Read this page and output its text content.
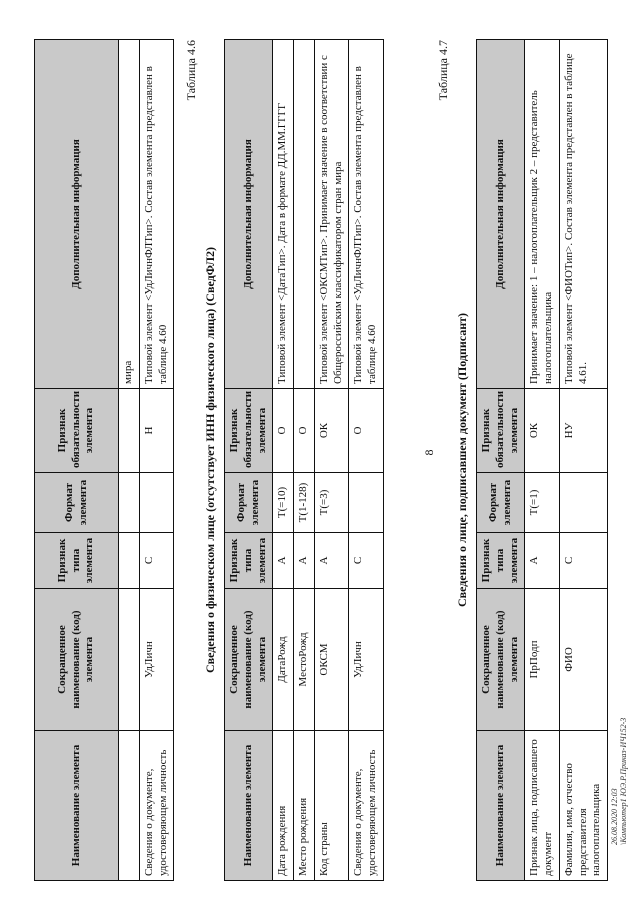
Наименование элемента	Сокращенное наименование (код) элемента	Признак типа элемента	Формат элемента	Признак обязательности элемента	Дополнительная информация
					мира
Сведения о документе, удостоверяющем личность	УдЛичн	С		Н	Типовой элемент <УдЛичнФЛТип>. Состав элемента представлен в таблице 4.60
Таблица 4.6
Сведения о физическом лице (отсутствует ИНН физического лица) (СведФЛ2)
Наименование элемента	Сокращенное наименование (код) элемента	Признак типа элемента	Формат элемента	Признак обязательности элемента	Дополнительная информация
Дата рождения	ДатаРожд	А	T(=10)	О	Типовой элемент <ДатаТип>. Дата в формате ДД.ММ.ГГГГ
Место рождения	МестоРожд	А	T(1-128)	О	
Код страны	ОКСМ	А	T(=3)	ОК	Типовой элемент <ОКСМТип>. Принимает значение в соответствии с Общероссийским классификатором стран мира
Сведения о документе, удостоверяющем личность	УдЛичн	С		О	Типовой элемент <УдЛичнФЛТип>. Состав элемента представлен в таблице 4.60
8
Таблица 4.7
Сведения о лице, подписавшем документ (Подписант)
Наименование элемента	Сокращенное наименование (код) элемента	Признак типа элемента	Формат элемента	Признак обязательности элемента	Дополнительная информация
Признак лица, подписавшего документ	ПрПодп	А	T(=1)	ОК	Принимает значение: 1 – налогоплательщик 2 – представитель налогоплательщика
Фамилия, имя, отчество представителя налогоплательщика	ФИО	С		НУ	Типовой элемент <ФИОТип>. Состав элемента представлен в таблице 4.61.
26.08.2020 12:03 \Компьютер1 ЮЭ.Р.Приказ-ИЧ152-3
